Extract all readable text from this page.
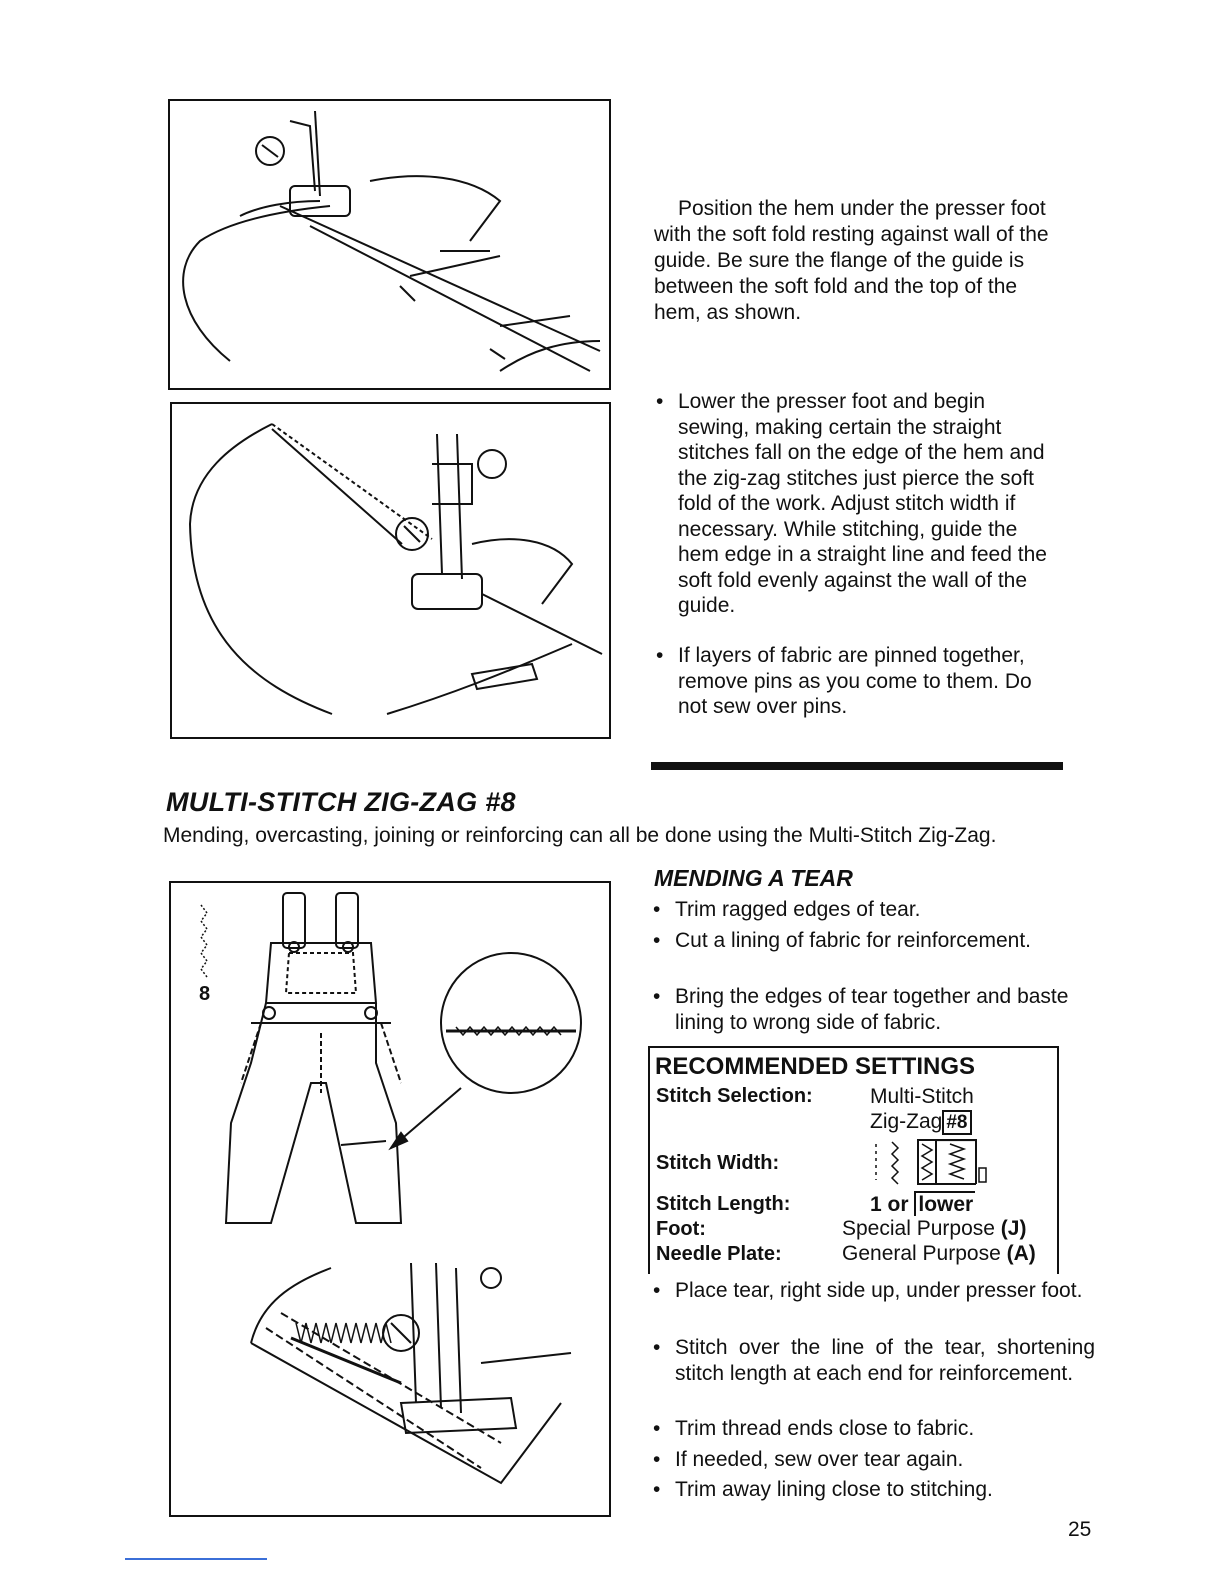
Position the hem under the presser foot with the soft fold resting against wall of the guide. Be sure the flange of the guide is between the soft fold and the top of the hem, as shown.
• Lower the presser foot and begin sewing, making certain the straight stitches fall on the edge of the hem and the zig-zag stitches just pierce the soft fold of the work. Adjust stitch width if necessary. While stitching, guide the hem edge in a straight line and feed the soft fold evenly against the wall of the guide.
• If layers of fabric are pinned together, remove pins as you come to them. Do not sew over pins.
MULTI-STITCH ZIG-ZAG #8
Mending, overcasting, joining or reinforcing can all be done using the Multi-Stitch Zig-Zag.
8
MENDING A TEAR
• Trim ragged edges of tear.
• Cut a lining of fabric for reinforcement.
• Bring the edges of tear together and baste lining to wrong side of fabric.
RECOMMENDED SETTINGS
Stitch Selection:	Multi-Stitch
Zig-Zag #8
Stitch Width:
Stitch Length:	1 or lower
Foot:	Special Purpose (J)
Needle Plate:	General Purpose (A)
• Place tear, right side up, under presser foot.
• Stitch over the line of the tear, shortening stitch length at each end for reinforcement.
• Trim thread ends close to fabric.
• If needed, sew over tear again.
• Trim away lining close to stitching.
25
